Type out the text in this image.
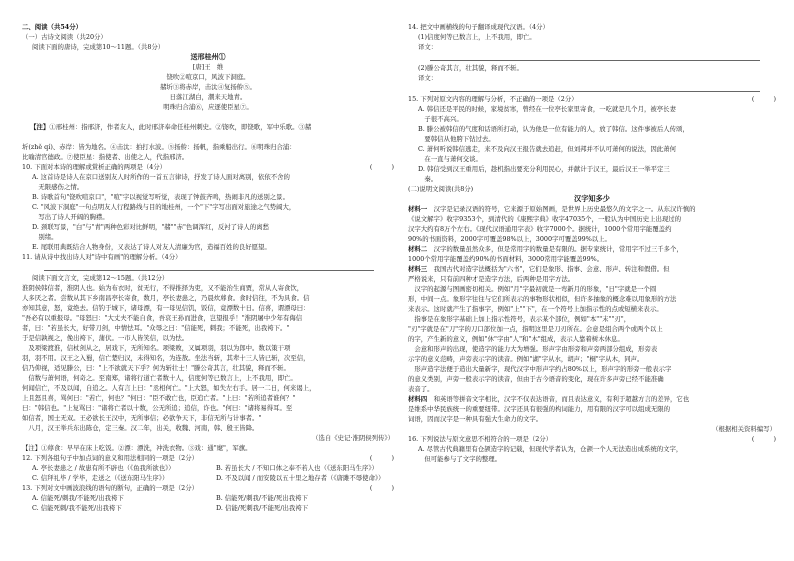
二、阅读（共54分）
（一）古诗文阅读（共20分）
阅读下面的唐诗，完成第10～11题。（共8分）
送邢桂州①
[唐]王　维
铙吹②喧京口，风波下洞庭。
赭圻③将赤岸，击汰④复扬舲⑤。
日落江湖白，潮来天地青。
明珠归合浦⑥，应逐使臣星⑦。

【注】①邢桂州：指邢济，作者友人，此时邢济奉命任桂州刺史。②铙吹，即铙歌，军中乐歌。③赭

圻(zhě qí)、赤岸：皆为地名。④击汰：拍打水波。⑤扬舲：扬帆，指乘船出行。⑥明珠归合浦：
比喻清官德政。⑦使臣星：指使者、出使之人，代指邢济。
10. 下面对本诗的理解或赏析正确的两项是（4分）	(　　　)
A. 这首诗是诗人在京口送别友人时所作的一首五言律诗，抒发了诗人面对离别，依依不舍的
　无限感伤之情。
B. 诗歌首句"铙吹喧京口"，"喧"字以视觉写听觉，表现了钟鼓齐鸣，热闹非凡的送别之景。
C. "风波下洞庭"一句点明友人行程路线与目的地桂州，一个"下"字写出面对旅途之气势阔大，
　写出了诗人开阔的胸襟。
D. 颈联写景，"白"与"青"两种色彩对比鲜明，"赭""赤"色调浑红，反衬了诗人的离愁
　别绪。
E. 尾联用典既结合人物身份，又表达了诗人对友人清廉为官，造福百姓的良好愿望。
11. 请从诗中找出诗人对"诗中有画"的理解分析。（4分）
阅读下面文言文，完成第12～15题。（共12分）
淮阴侯韩信者，淮阴人也。始为布衣时，贫无行，不得推择为吏，又不能治生商贾，常从人寄食饮，
人多厌之者。尝数从其下乡南昌亭长寄食，数月，亭长妻患之，乃晨炊蓐食。食时信往，不为具食。信
亦知其意，怒，竟绝去。信钓于城下，诸母漂，有一母见信饥，饭信，竟漂数十日。信喜，谓漂母曰：
"吾必有以重报母。"母怒曰："大丈夫不能自食，吾哀王孙而进食，岂望报乎！"淮阴屠中少年有侮信
者，曰："若虽长大，好带刀剑，中情怯耳。"众辱之曰："信能死，刺我；不能死，出我袴下。"
于是信孰视之，俛出袴下，蒲伏。一市人皆笑信，以为怯。
　及项梁渡淮，信杖剑从之，居戏下，无所知名。项梁败，又属项羽，羽以为郎中。数以策干项
羽，羽不用。汉王之入蜀，信亡楚归汉，未得知名，为连敖。坐法当斩，其辈十三人皆已斩，次至信，
信乃仰视，适见滕公，曰："上不欲就天下乎？何为斩壮士！"滕公奇其言，壮其貌，释而不斩。
　信数与萧何语，何奇之。至南郑，诸将行道亡者数十人，信度何等已数言上，上不我用，即亡。
何闻信亡，不及以闻，自追之。人有言上曰："丞相何亡。"上大怒，如失左右手。居一二日，何来谒上，
上且怒且喜，骂何曰："若亡，何也？"何曰："臣不敢亡也，臣追亡者。"上曰："若所追者谁何？"
曰："韩信也。"上复骂曰："诸将亡者以十数，公无所追；追信，诈也。"何曰："诸将易得耳。至
如信者，国士无双。王必欲长王汉中，无所事信；必欲争天下，非信无所与计事者。"
　八月，汉王举兵东出陈仓，定三秦。汉二年，出关，收魏、河南，韩、殷王皆降。
（选自《史记·淮阴侯列传》）
【注】①蓐食：早早在床上吃饭。②漂：漂洗，冲洗衣物。③戏：通"麾"，军旗。
12. 下列各组句子中加点词的意义和用法相同的一项是（2分）	(　　　)
A. 亭长妻患之 / 故患有所不辟也（《鱼我所欲也》）	B. 若虽长大 / 不知口体之奉不若人也（《送东阳马生序》）
C. 信拜礼毕 / 学毕，走送之（《送东阳马生序》）	D. 不及以闻 / 而安陵以五十里之地存者（《唐雎不辱使命》）
13. 下列对文中画波浪线的语句的断句，正确的一项是（2分）	(　　　)
A. 信能死/刺我/不能死/出我袴下	B. 信能死/刺我/不能/死出我袴下
C. 信能死刺/我不能死/出我袴下	D. 信能/死刺我/不能死/出我袴下
14. 把文中画横线的句子翻译成现代汉语。（4分）
(1)信度何等已数言上，上不我用，即亡。
译文：
(2)滕公奇其言，壮其貌，释而不斩。
译文：
15. 下列对原文内容的理解与分析，不正确的一项是（2分）	(　　　)
A. 韩信还是平民的时候，家境贫寒，曾经在一位亭长家里寄食，一吃就是几个月，被亭长妻
　子很不高兴。
B. 滕公被韩信的气度和话语所打动，认为他是一位有能力的人，放了韩信。这件事被后人传颂，
　要韩信从他胯下钻过去。
C. 萧何听说韩信逃走，来不及向汉王报告就去追赶，但刘邦并不认可萧何的说法，因此萧何
　在一直与萧何交谈。
D. 韩信受到汉王重用后，趁机指出要充分利用民心，并献计于汉王，最后汉王一举平定三
　秦。
(二)说明文阅读(共8分)
汉字知多少
材料一　 汉字是记录汉语的符号，它来源于原始图画，是世界上历史最悠久的文字之一。从东汉许慎的
《说文解字》收字9353个，到清代的《康熙字典》收字47035个，一般认为中国历史上出现过的
汉字大约有8万个左右。《现代汉语通用字表》收字7000个。据统计，1000个常用字能覆盖约
90%的书面资料，2000字可覆盖98%以上，3000字可覆盖99%以上。
材料二　 汉字的数量虽然众多，但是常用字的数量是有限的。据专家统计，常用字不过三千多个，
1000个常用字能覆盖约90%的书面材料，3000常用字能覆盖99%。
材料三　 我国古代对造字法概括为"六书"，它们是象形、指事、会意、形声、转注和假借。但
严格说来，只有前四种才是造字方法，后两种是用字方法。
　汉字的起源与图画密切相关。例如"月"字最初就是一弯新月的形象，"日"字就是一个圆
形，中间一点。象形字往往与它们所表示的事物形状相似，但许多抽象的概念难以用象形的方法
来表示。这时就产生了指事字，例如"上""下"，在一个符号上加指示性的点或短横来表示。
　指事是在象形字基础上加上指示性符号，表示某个部位，例如"本""末""刃"，
"刃"字就是在"刀"字的刀口部位加一点，指明这里是刀刃所在。会意是组合两个或两个以上
的字，产生新的意义，例如"休"字由"人"和"木"组成，表示人靠着树木休息。
　会意和形声的出现，使造字的能力大为增强。形声字由形旁和声旁两部分组成，形旁表
示字的意义范畴，声旁表示字的读音。例如"湖"字从水，胡声；"桐"字从木，同声。
　形声造字法便于造出大量新字，现代汉字中形声字约占80%以上，形声字的形旁一般表示字
的意义类别，声旁一般表示字的读音，但由于古今语音的变化，现在许多声旁已经不能准确
表音了。
材料四　 和英语等拼音文字相比，汉字不仅表达语音，而且表达意义，有利于超越方言的差异，它也
是维系中华民族统一的重要纽带。汉字还具有很强的构词能力，用有限的汉字可以组成无限的
词语，因而汉字是一种具有强大生命力的文字。
（根据相关资料编写）
16. 下列说法与原文意思不相符合的一项是（2分）	(　　　)
A. 尽管古代典籍里有仓颉造字的记载，但现代学者认为，仓颉一个人无法造出成系统的文字，
　但可能参与了文字的整理。
